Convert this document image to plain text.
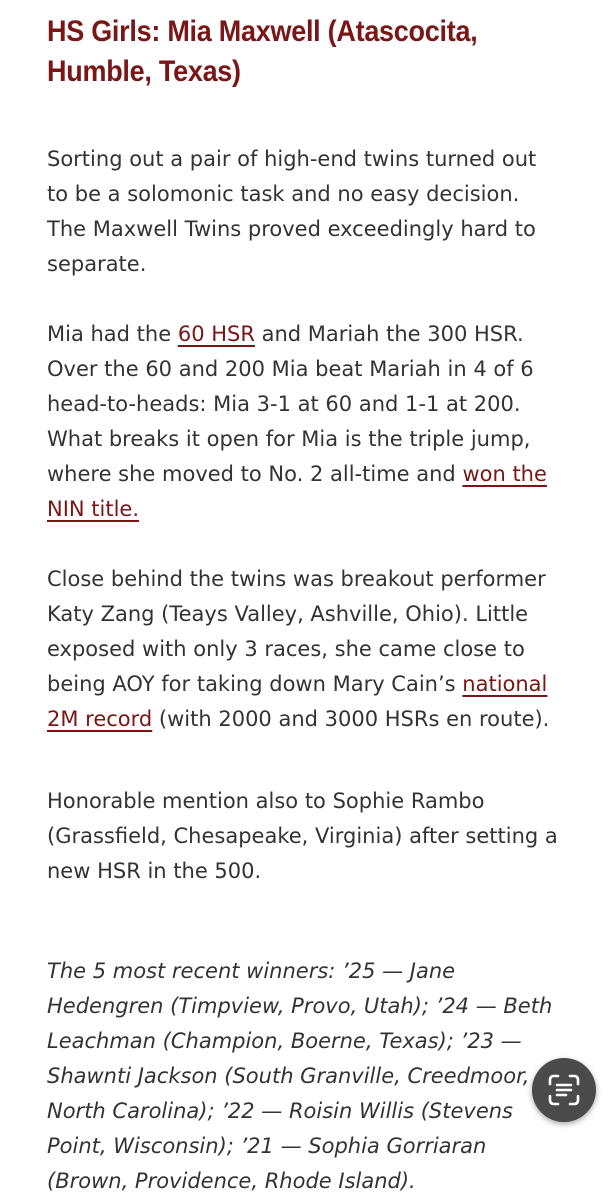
HS Girls: Mia Maxwell (Atascocita, Humble, Texas)

Sorting out a pair of high-end twins turned out to be a solomonic task and no easy decision. The Maxwell Twins proved exceedingly hard to separate.

Mia had the 60 HSR and Mariah the 300 HSR. Over the 60 and 200 Mia beat Mariah in 4 of 6 head-to-heads: Mia 3-1 at 60 and 1-1 at 200. What breaks it open for Mia is the triple jump, where she moved to No. 2 all-time and won the NIN title.

Close behind the twins was breakout performer Katy Zang (Teays Valley, Ashville, Ohio). Little exposed with only 3 races, she came close to being AOY for taking down Mary Cain’s national 2M record (with 2000 and 3000 HSRs en route).

Honorable mention also to Sophie Rambo (Grassfield, Chesapeake, Virginia) after setting a new HSR in the 500.

The 5 most recent winners: ’25 — Jane Hedengren (Timpview, Provo, Utah); ’24 — Beth Leachman (Champion, Boerne, Texas); ’23 — Shawnti Jackson (South Granville, Creedmoor, North Carolina); ’22 — Roisin Willis (Stevens Point, Wisconsin); ’21 — Sophia Gorriaran (Brown, Providence, Rhode Island).
